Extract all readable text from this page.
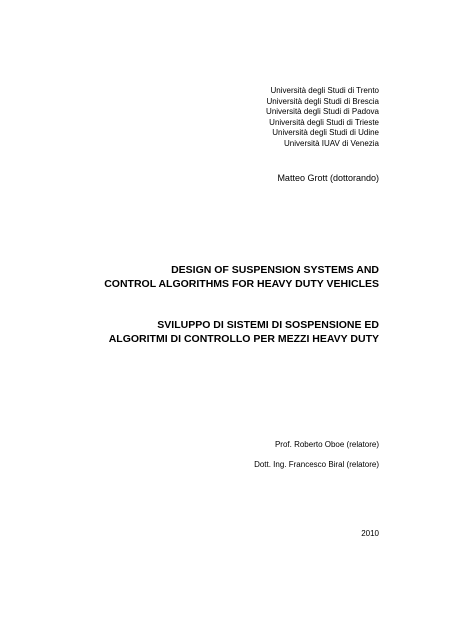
Università degli Studi di Trento
Università degli Studi di Brescia
Università degli Studi di Padova
Università degli Studi di Trieste
Università degli Studi di Udine
Università IUAV di Venezia
Matteo Grott (dottorando)
DESIGN OF SUSPENSION SYSTEMS AND
CONTROL ALGORITHMS FOR HEAVY DUTY VEHICLES
SVILUPPO DI SISTEMI DI SOSPENSIONE ED
ALGORITMI DI CONTROLLO PER MEZZI HEAVY DUTY
Prof. Roberto Oboe (relatore)
Dott. Ing. Francesco Biral (relatore)
2010
